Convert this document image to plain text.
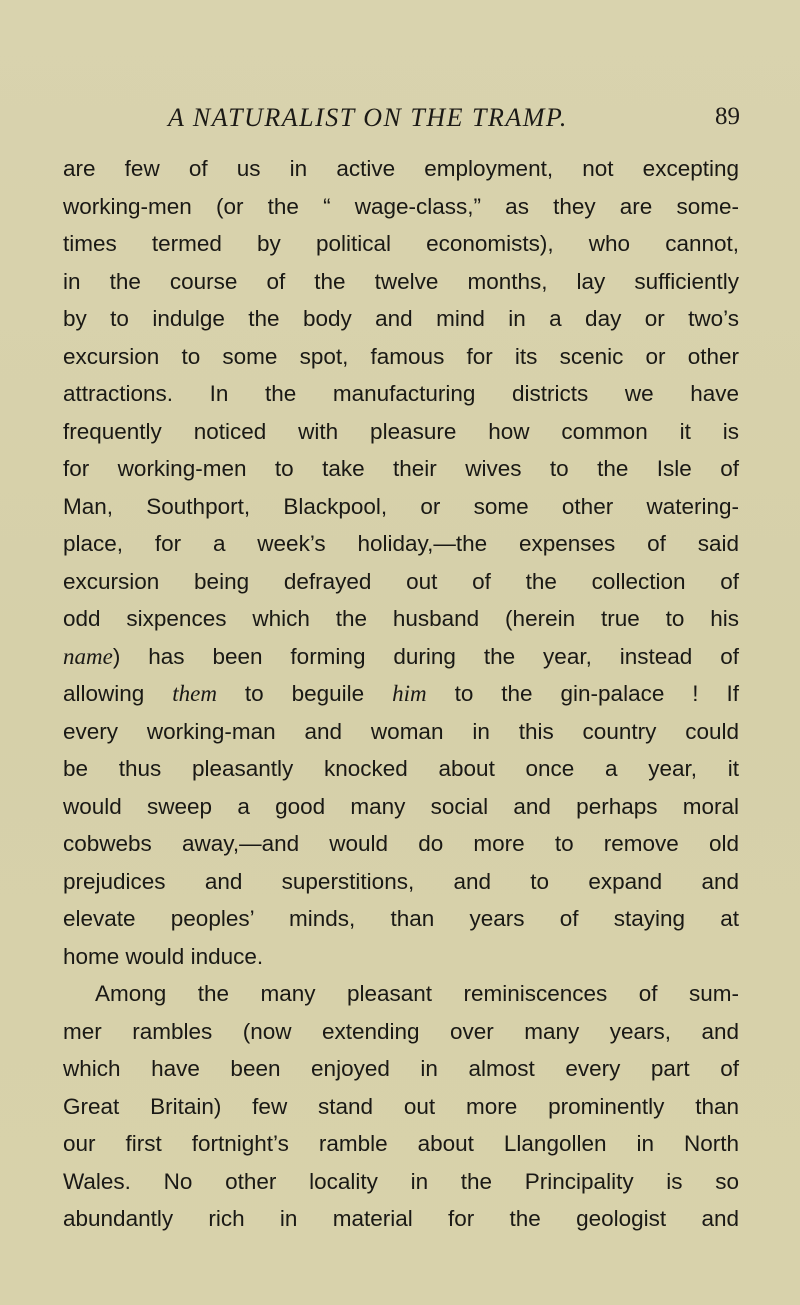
A NATURALIST ON THE TRAMP.	89
are few of us in active employment, not excepting
working-men (or the “ wage-class,” as they are some-
times termed by political economists), who cannot,
in the course of the twelve months, lay sufficiently
by to indulge the body and mind in a day or two’s
excursion to some spot, famous for its scenic or other
attractions. In the manufacturing districts we have
frequently noticed with pleasure how common it is
for working-men to take their wives to the Isle of
Man, Southport, Blackpool, or some other watering-
place, for a week’s holiday,—the expenses of said
excursion being defrayed out of the collection of
odd sixpences which the husband (herein true to his
name) has been forming during the year, instead of
allowing them to beguile him to the gin-palace ! If
every working-man and woman in this country could
be thus pleasantly knocked about once a year, it
would sweep a good many social and perhaps moral
cobwebs away,—and would do more to remove old
prejudices and superstitions, and to expand and
elevate peoples’ minds, than years of staying at
home would induce.
Among the many pleasant reminiscences of sum-
mer rambles (now extending over many years, and
which have been enjoyed in almost every part of
Great Britain) few stand out more prominently than
our first fortnight’s ramble about Llangollen in North
Wales. No other locality in the Principality is so
abundantly rich in material for the geologist and
